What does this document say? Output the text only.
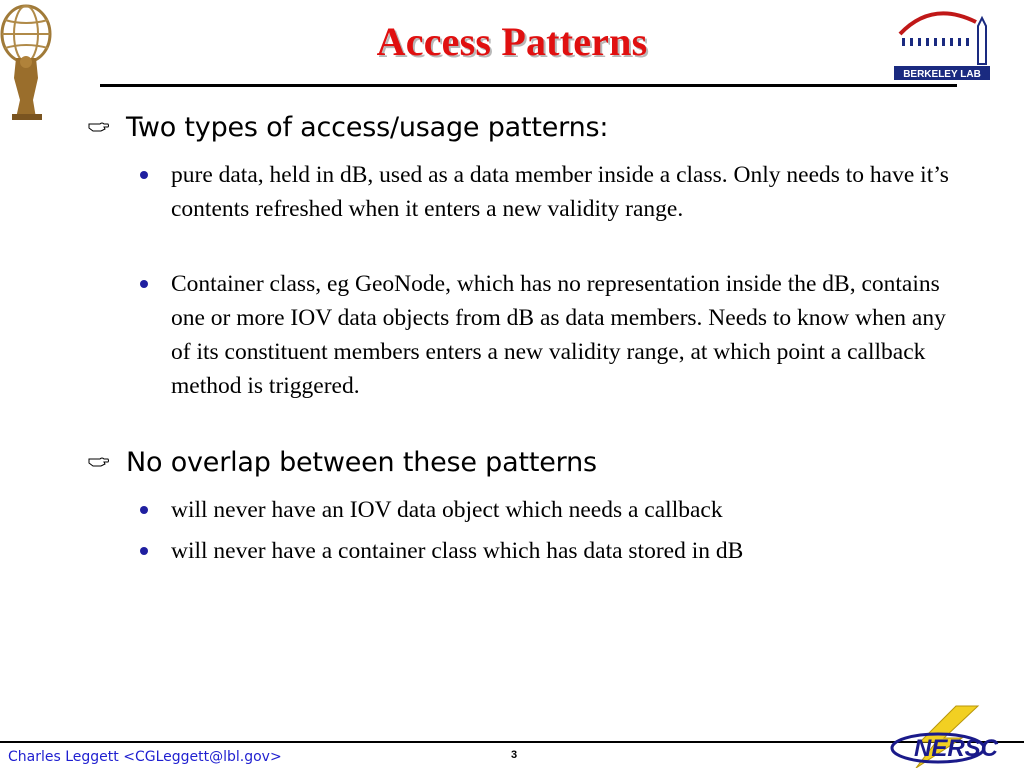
Access Patterns
BERKELEY LAB
Two types of access/usage patterns:
pure data, held in dB, used as a data member inside a class. Only needs to have it’s contents refreshed when it enters a new validity range.
Container class, eg GeoNode, which has no representation inside the dB, contains one or more IOV data objects from dB as data members. Needs to know when any of its constituent members enters a new validity range, at which point a callback method is triggered.
No overlap between these patterns
will never have an IOV data object which needs a callback
will never have a container class which has data stored in dB
Charles Leggett <CGLeggett@lbl.gov>	3	NERSC
